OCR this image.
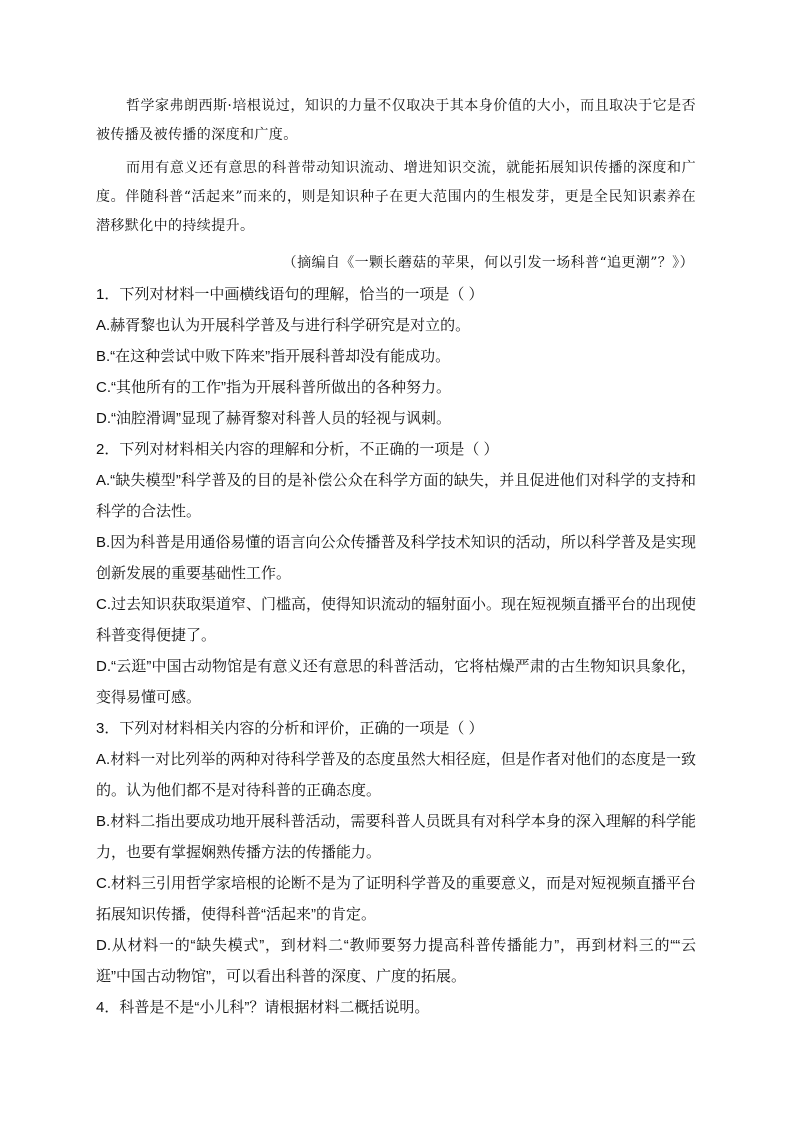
哲学家弗朗西斯·培根说过，知识的力量不仅取决于其本身价值的大小，而且取决于它是否被传播及被传播的深度和广度。

而用有意义还有意思的科普带动知识流动、增进知识交流，就能拓展知识传播的深度和广度。伴随科普“活起来”而来的，则是知识种子在更大范围内的生根发芽，更是全民知识素养在潜移默化中的持续提升。

（摘编自《一颗长蘑菇的苹果，何以引发一场科普“追更潮”？》）

1．下列对材料一中画横线语句的理解，恰当的一项是（ ）

A.赫胥黎也认为开展科学普及与进行科学研究是对立的。

B.“在这种尝试中败下阵来”指开展科普却没有能成功。

C.“其他所有的工作”指为开展科普所做出的各种努力。

D.“油腔滑调”显现了赫胥黎对科普人员的轻视与讽刺。

2．下列对材料相关内容的理解和分析，不正确的一项是（ ）

A.“缺失模型”科学普及的目的是补偿公众在科学方面的缺失，并且促进他们对科学的支持和科学的合法性。

B.因为科普是用通俗易懂的语言向公众传播普及科学技术知识的活动，所以科学普及是实现创新发展的重要基础性工作。

C.过去知识获取渠道窄、门槛高，使得知识流动的辐射面小。现在短视频直播平台的出现使科普变得便捷了。

D.“云逛”中国古动物馆是有意义还有意思的科普活动，它将枯燥严肃的古生物知识具象化，变得易懂可感。

3．下列对材料相关内容的分析和评价，正确的一项是（ ）

A.材料一对比列举的两种对待科学普及的态度虽然大相径庭，但是作者对他们的态度是一致的。认为他们都不是对待科普的正确态度。

B.材料二指出要成功地开展科普活动，需要科普人员既具有对科学本身的深入理解的科学能力，也要有掌握娴熟传播方法的传播能力。

C.材料三引用哲学家培根的论断不是为了证明科学普及的重要意义，而是对短视频直播平台拓展知识传播，使得科普“活起来”的肯定。

D.从材料一的“缺失模式”，到材料二“教师要努力提高科普传播能力”，再到材料三的““云逛”中国古动物馆”，可以看出科普的深度、广度的拓展。

4．科普是不是“小儿科”？请根据材料二概括说明。
